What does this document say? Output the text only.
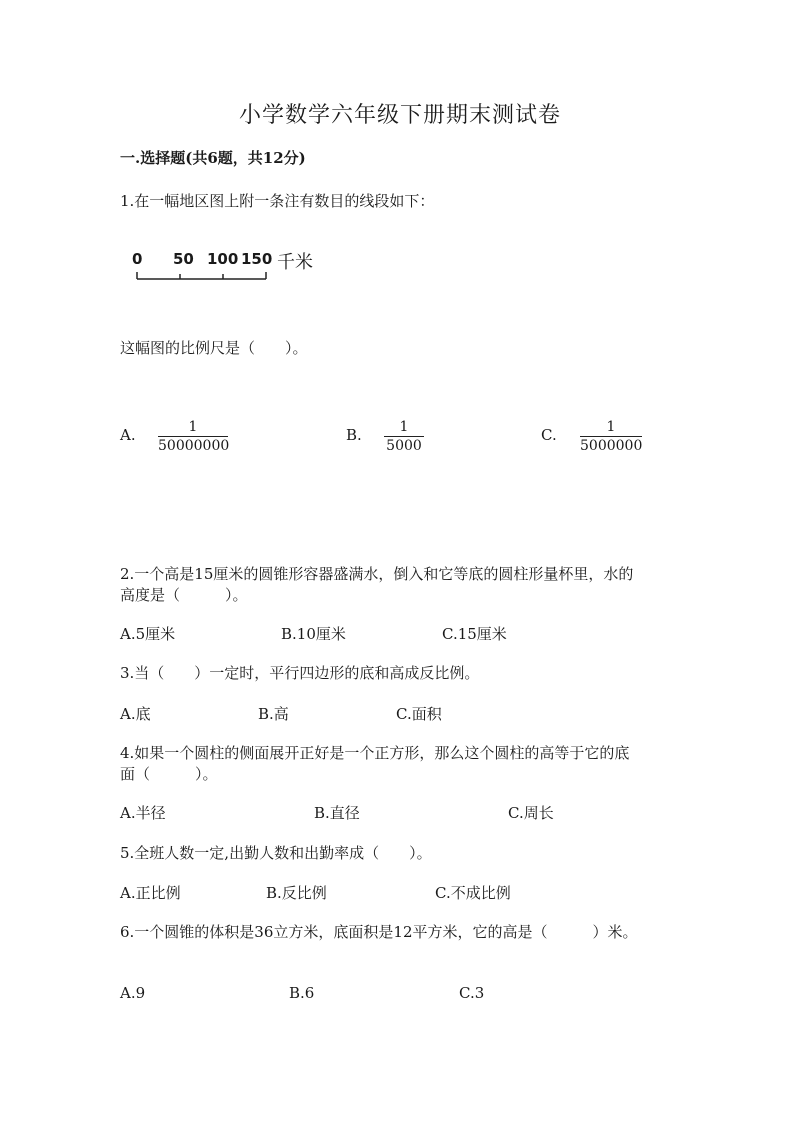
小学数学六年级下册期末测试卷
一.选择题(共6题，共12分)
1.在一幅地区图上附一条注有数目的线段如下：
0 50 100 150 千米
这幅图的比例尺是（　　）。
A.	1
50000000
B.	1
5000
C.	1
5000000
2.一个高是15厘米的圆锥形容器盛满水，倒入和它等底的圆柱形量杯里，水的
高度是（　　　）。
A.5厘米	B.10厘米	C.15厘米
3.当（　　）一定时，平行四边形的底和高成反比例。
A.底	B.高	C.面积
4.如果一个圆柱的侧面展开正好是一个正方形，那么这个圆柱的高等于它的底
面（　　　）。
A.半径	B.直径	C.周长
5.全班人数一定,出勤人数和出勤率成（　　）。
A.正比例	B.反比例	C.不成比例
6.一个圆锥的体积是36立方米，底面积是12平方米，它的高是（　　　）米。
A.9	B.6	C.3
